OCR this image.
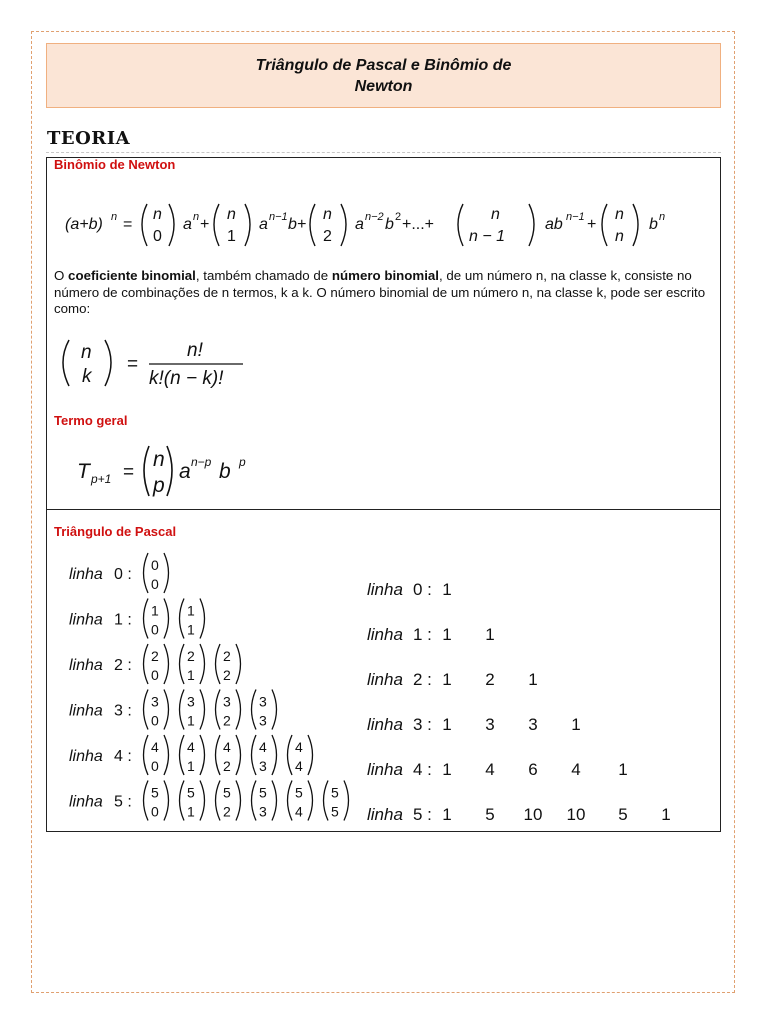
Triângulo de Pascal e Binômio de
Newton
TEORIA
Binômio de Newton
(a+b) n =
n
0
a n +
n
1
a n−1 b+
n
2
a n−2 b 2 +...+
n
n − 1
ab n−1 +
n
n
b n
O coeficiente binomial, também chamado de número binomial, de um número n, na classe k, consiste no número de combinações de n termos, k a k. O número binomial de um número n, na classe k, pode ser escrito como:
n
k
=
n!
k!(n − k)!
Termo geral
T p+1 =
n
p
a n−p b p
Triângulo de Pascal
linha 0 :
0
0
linha 1 :
1
0
1
1
linha 2 :
2
0
2
1
2
2
linha 3 :
3
0
3
1
3
2
3
3
linha 4 :
4
0
4
1
4
2
4
3
4
4
linha 5 :
5
0
5
1
5
2
5
3
5
4
5
5
linha 0 : 1
linha 1 : 1 1
linha 2 : 1 2 1
linha 3 : 1 3 3 1
linha 4 : 1 4 6 4 1
linha 5 : 1 5 10 10 5 1
